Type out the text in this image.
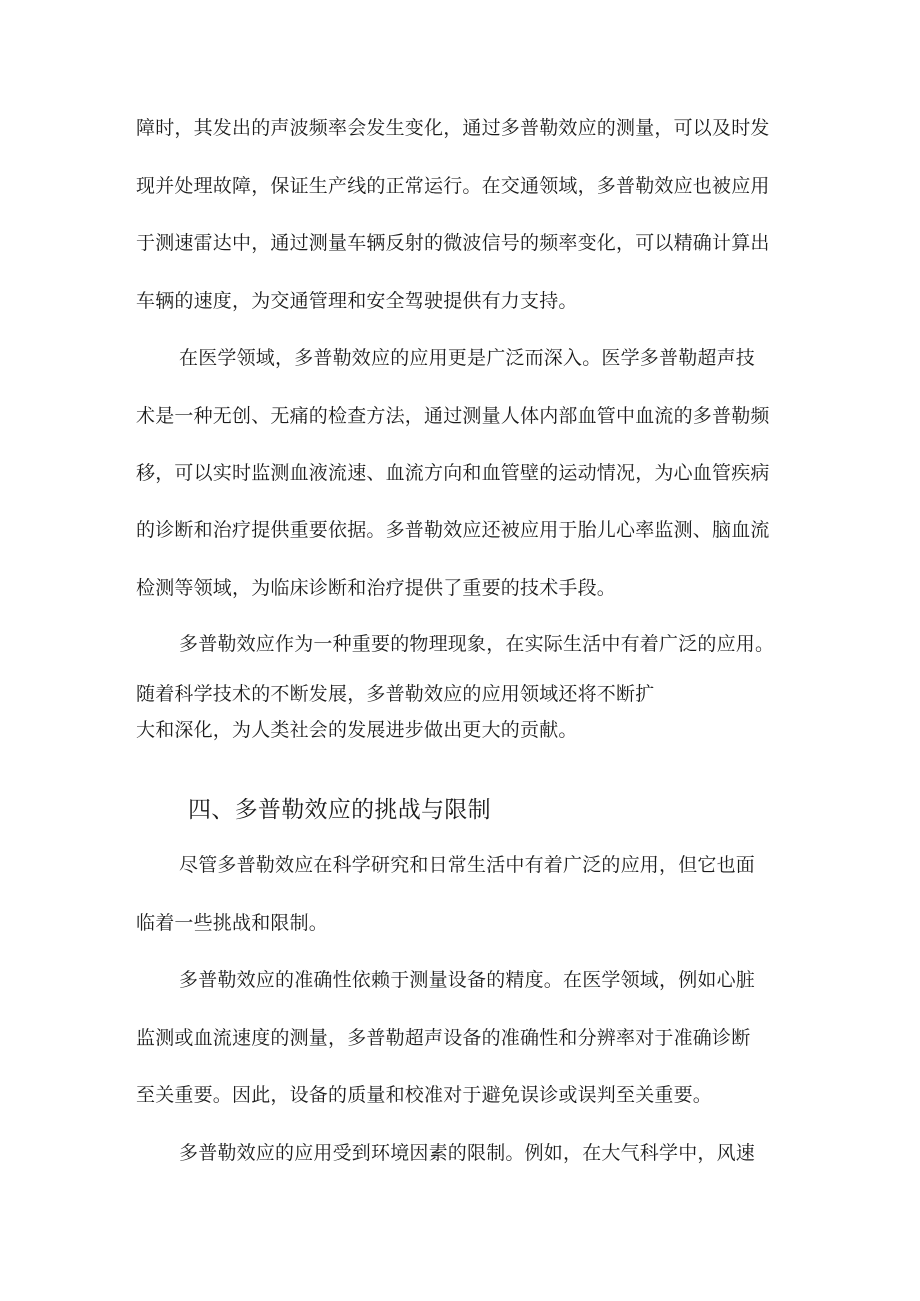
障时，其发出的声波频率会发生变化，通过多普勒效应的测量，可以及时发
现并处理故障，保证生产线的正常运行。在交通领域，多普勒效应也被应用
于测速雷达中，通过测量车辆反射的微波信号的频率变化，可以精确计算出
车辆的速度，为交通管理和安全驾驶提供有力支持。
在医学领域，多普勒效应的应用更是广泛而深入。医学多普勒超声技
术是一种无创、无痛的检查方法，通过测量人体内部血管中血流的多普勒频
移，可以实时监测血液流速、血流方向和血管壁的运动情况，为心血管疾病
的诊断和治疗提供重要依据。多普勒效应还被应用于胎儿心率监测、脑血流
检测等领域，为临床诊断和治疗提供了重要的技术手段。
多普勒效应作为一种重要的物理现象，在实际生活中有着广泛的应用。
随着科学技术的不断发展，多普勒效应的应用领域还将不断扩
大和深化，为人类社会的发展进步做出更大的贡献。
四、多普勒效应的挑战与限制
尽管多普勒效应在科学研究和日常生活中有着广泛的应用，但它也面
临着一些挑战和限制。
多普勒效应的准确性依赖于测量设备的精度。在医学领域，例如心脏
监测或血流速度的测量，多普勒超声设备的准确性和分辨率对于准确诊断
至关重要。因此，设备的质量和校准对于避免误诊或误判至关重要。
多普勒效应的应用受到环境因素的限制。例如，在大气科学中，风速
